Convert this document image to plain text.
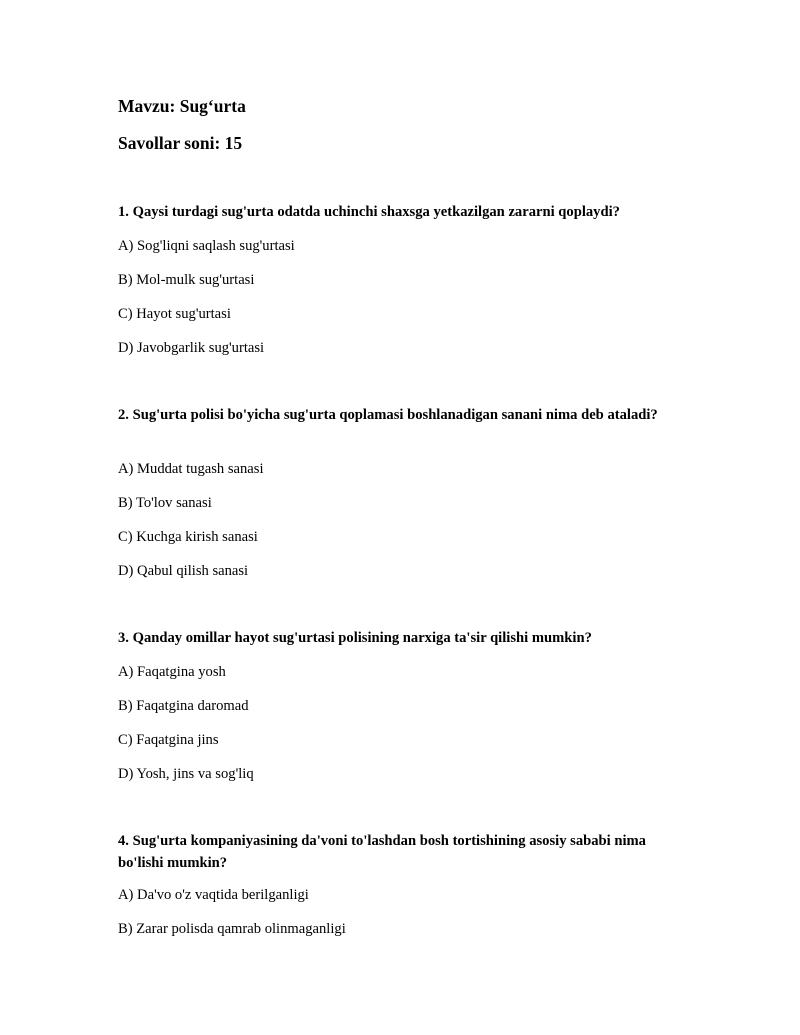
Mavzu: Sug‘urta
Savollar soni: 15

1. Qaysi turdagi sug'urta odatda uchinchi shaxsga yetkazilgan zararni qoplaydi?

A) Sog'liqni saqlash sug'urtasi
B) Mol-mulk sug'urtasi
C) Hayot sug'urtasi
D) Javobgarlik sug'urtasi

2. Sug'urta polisi bo'yicha sug'urta qoplamasi boshlanadigan sanani nima deb ataladi?

A) Muddat tugash sanasi
B) To'lov sanasi
C) Kuchga kirish sanasi
D) Qabul qilish sanasi

3. Qanday omillar hayot sug'urtasi polisining narxiga ta'sir qilishi mumkin?

A) Faqatgina yosh
B) Faqatgina daromad
C) Faqatgina jins
D) Yosh, jins va sog'liq

4. Sug'urta kompaniyasining da'voni to'lashdan bosh tortishining asosiy sababi nima bo'lishi mumkin?

A) Da'vo o'z vaqtida berilganligi
B) Zarar polisda qamrab olinmaganligi
